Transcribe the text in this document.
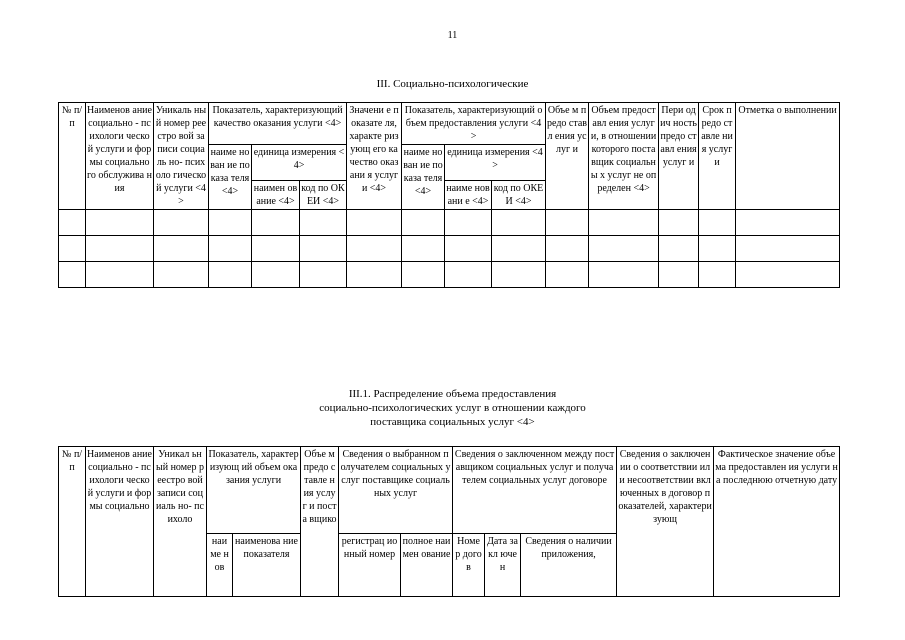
11
III. Социально-психологические
№ п/п	Наименов ание социально - психологи ческой услуги и формы социально го обслужива ния	Уникаль ный номер реестро вой записи социаль но- психоло гическо й услуги <4>	Показатель, характеризующий качество оказания услуги <4>			Значени е показате ля, характе ризующ его качество оказани я услуги <4>	Показатель, характеризующий объем предоставления услуги <4>			Объе м предо ставл ения услуг и	Объем предоставл ения услуги, в отношении которого поставщик социальны х услуг не определен <4>	Пери одич ность предо ставл ения услуг и	Срок предо ставле ния услуг и	Отметка о выполнении
			наиме нован ие показа теля <4>	единица измерения <4>			наиме нован ие показа теля <4>	единица измерения <4>						
				наимен ование <4>	код по ОКЕИ <4>			наиме новани е <4>	код по ОКЕИ <4>					

III.1. Распределение объема предоставления
социально-психологических услуг в отношении каждого
поставщика социальных услуг <4>
№ п/п	Наименов ание социально - психологи ческой услуги и формы социально	Уникал ьный номер реестро вой записи социаль но- психоло	Показатель, характеризующ ий объем оказания услуги		Объе м предо ставле ния услуг и поста вщико	Сведения о выбранном получателем социальных услуг поставщике социальных услуг		Сведения о заключенном между поставщиком социальных услуг и получателем социальных услуг договоре			Сведения о заключении о соответствии или несоответствии включенных в договор показателей, характеризующ	Фактическое значение объема предоставлен ия услуги на последнюю отчетную дату
			наи ме нов	наименова ние показателя		регистрац ионный номер	полное наимен ование	Номе р догов	Дата закл ючен	Сведения о наличии приложения,		
